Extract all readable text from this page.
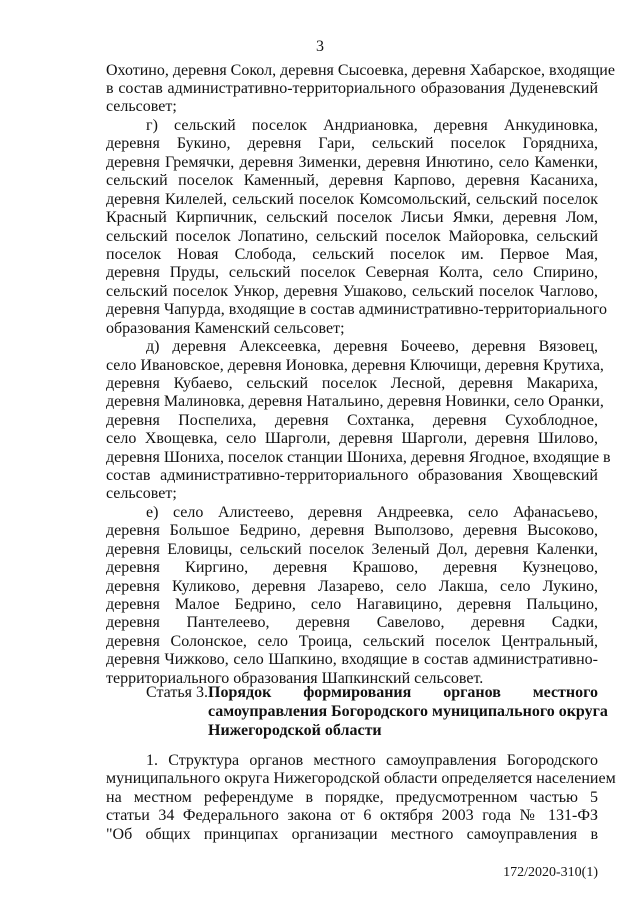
3
Охотино, деревня Сокол, деревня Сысоевка, деревня Хабарское, входящие
в состав административно-территориального образования Дуденевский
сельсовет;
г) сельский поселок Андриановка, деревня Анкудиновка,
деревня Букино, деревня Гари, сельский поселок Горядниха,
деревня Гремячки, деревня Зименки, деревня Инютино, село Каменки,
сельский поселок Каменный, деревня Карпово, деревня Касаниха,
деревня Килелей, сельский поселок Комсомольский, сельский поселок
Красный Кирпичник, сельский поселок Лисьи Ямки, деревня Лом,
сельский поселок Лопатино, сельский поселок Майоровка, сельский
поселок Новая Слобода, сельский поселок им. Первое Мая,
деревня Пруды, сельский поселок Северная Колта, село Спирино,
сельский поселок Ункор, деревня Ушаково, сельский поселок Чаглово,
деревня Чапурда, входящие в состав административно-территориального
образования Каменский сельсовет;
д) деревня Алексеевка, деревня Бочеево, деревня Вязовец,
село Ивановское, деревня Ионовка, деревня Ключищи, деревня Крутиха,
деревня Кубаево, сельский поселок Лесной, деревня Макариха,
деревня Малиновка, деревня Натальино, деревня Новинки, село Оранки,
деревня Поспелиха, деревня Сохтанка, деревня Сухоблодное,
село Хвощевка, село Шарголи, деревня Шарголи, деревня Шилово,
деревня Шониха, поселок станции Шониха, деревня Ягодное, входящие в
состав административно-территориального образования Хвощевский
сельсовет;
е) село Алистеево, деревня Андреевка, село Афанасьево,
деревня Большое Бедрино, деревня Выползово, деревня Высоково,
деревня Еловицы, сельский поселок Зеленый Дол, деревня Каленки,
деревня Киргино, деревня Крашово, деревня Кузнецово,
деревня Куликово, деревня Лазарево, село Лакша, село Лукино,
деревня Малое Бедрино, село Нагавицино, деревня Пальцино,
деревня Пантелеево, деревня Савелово, деревня Садки,
деревня Солонское, село Троица, сельский поселок Центральный,
деревня Чижково, село Шапкино, входящие в состав административно-
территориального образования Шапкинский сельсовет.
Статья 3. Порядок формирования органов местного
самоуправления Богородского муниципального округа
Нижегородской области
1. Структура органов местного самоуправления Богородского
муниципального округа Нижегородской области определяется населением
на местном референдуме в порядке, предусмотренном частью 5
статьи 34 Федерального закона от 6 октября 2003 года № 131-ФЗ
"Об общих принципах организации местного самоуправления в
172/2020-310(1)
